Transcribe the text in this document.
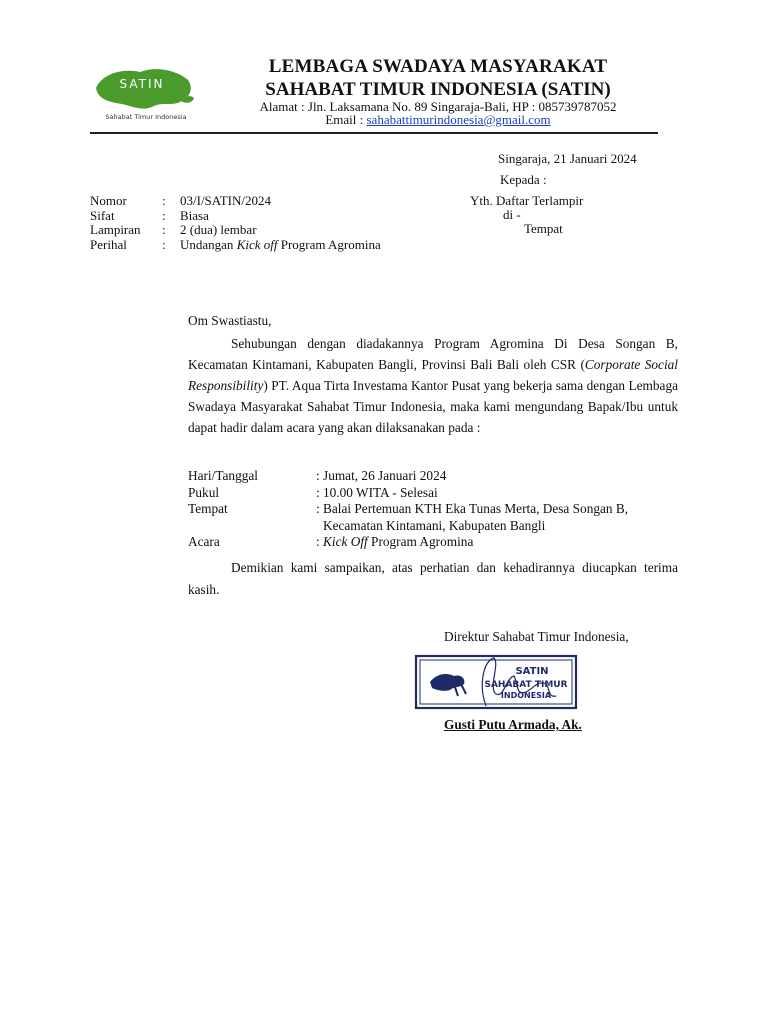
SATIN
Sahabat Timur Indonesia
LEMBAGA SWADAYA MASYARAKAT
SAHABAT TIMUR INDONESIA (SATIN)
Alamat : Jln. Laksamana No. 89 Singaraja-Bali, HP : 085739787052
Email : sahabattimurindonesia@gmail.com
Singaraja, 21 Januari 2024
Kepada :
Yth. Daftar Terlampir
di -
Tempat
Nomor	:	03/I/SATIN/2024
Sifat	:	Biasa
Lampiran	:	2 (dua) lembar
Perihal	:	Undangan Kick off Program Agromina
Om Swastiastu,
Sehubungan dengan diadakannya Program Agromina Di Desa Songan B, Kecamatan Kintamani, Kabupaten Bangli, Provinsi Bali Bali oleh CSR (Corporate Social Responsibility) PT. Aqua Tirta Investama Kantor Pusat yang bekerja sama dengan Lembaga Swadaya Masyarakat Sahabat Timur Indonesia, maka kami mengundang Bapak/Ibu untuk dapat hadir dalam acara yang akan dilaksanakan pada :
Hari/Tanggal	: Jumat, 26 Januari 2024
Pukul	: 10.00 WITA - Selesai
Tempat	: Balai Pertemuan KTH Eka Tunas Merta, Desa Songan B,
Kecamatan Kintamani, Kabupaten Bangli
Acara	: Kick Off Program Agromina
Demikian kami sampaikan, atas perhatian dan kehadirannya diucapkan terima kasih.
Direktur Sahabat Timur Indonesia,
SATIN
SAHABAT TIMUR
INDONESIA
Gusti Putu Armada, Ak.
